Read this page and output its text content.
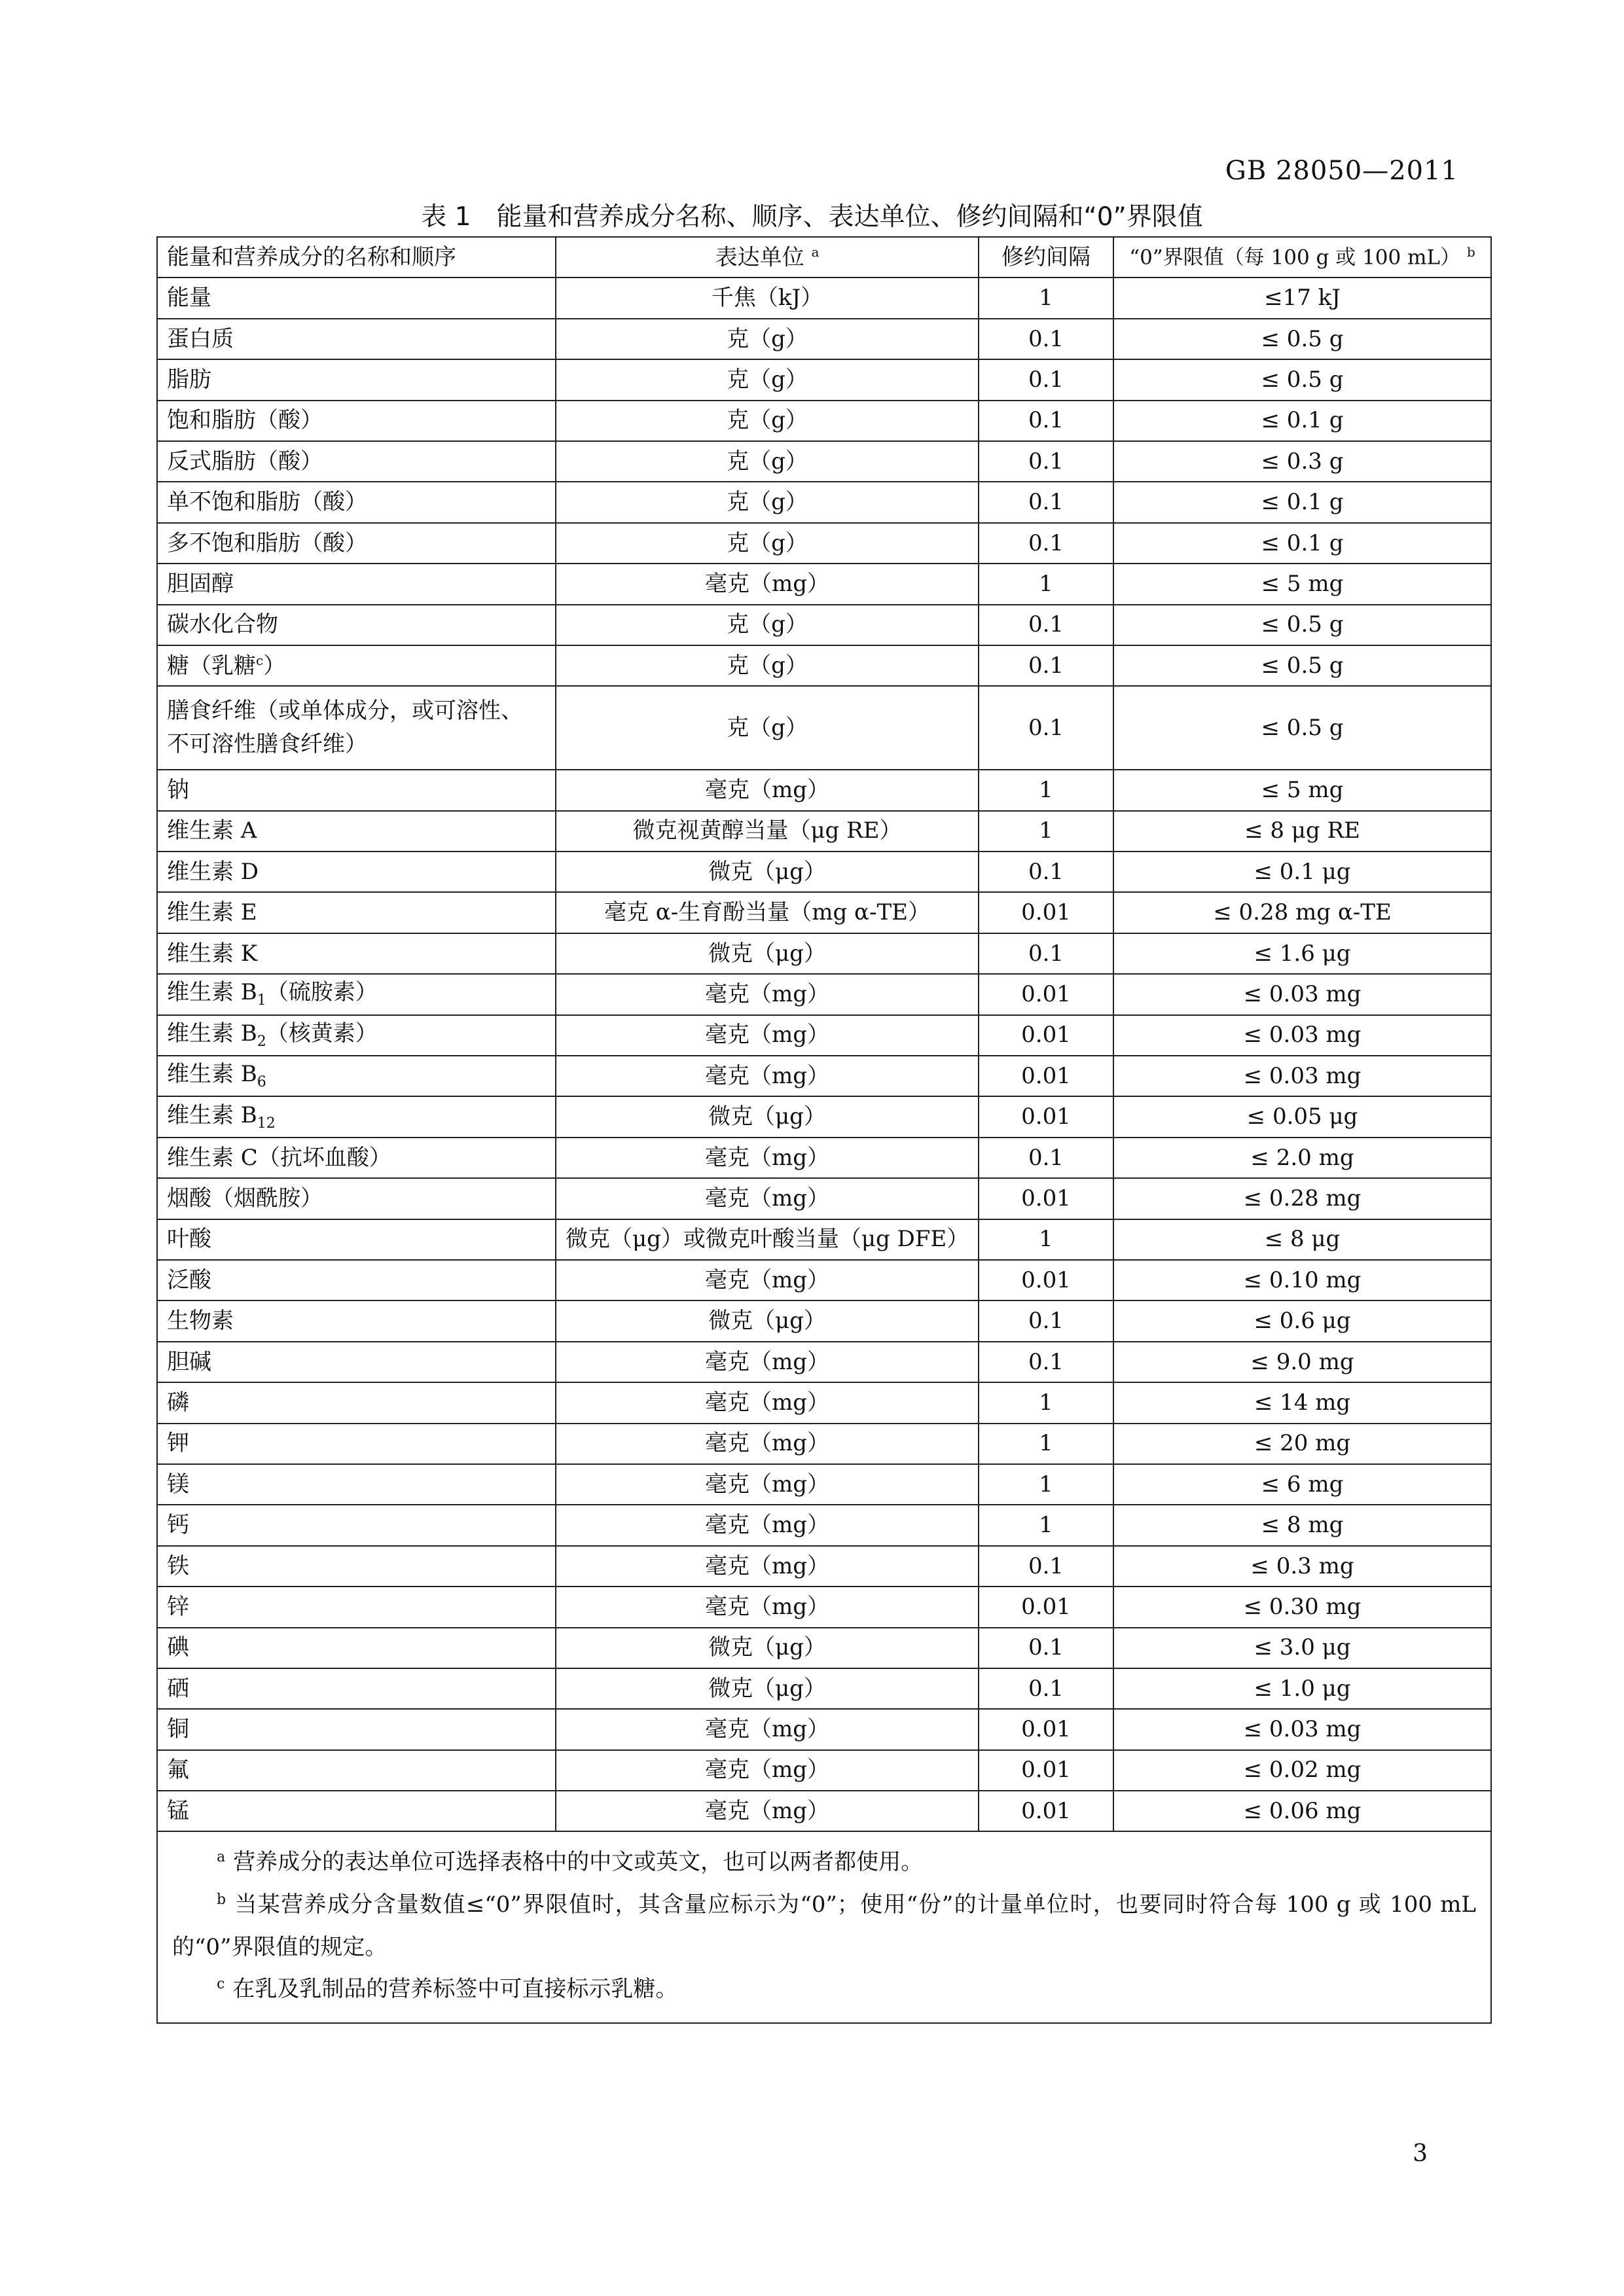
GB 28050—2011
表 1　能量和营养成分名称、顺序、表达单位、修约间隔和“0”界限值
能量和营养成分的名称和顺序	表达单位 $^a$	修约间隔	“0”界限值（每 100 g 或 100 mL） $^b$
能量	千焦（kJ）	1	≤17 kJ
蛋白质	克（g）	0.1	≤ 0.5 g
脂肪	克（g）	0.1	≤ 0.5 g
饱和脂肪（酸）	克（g）	0.1	≤ 0.1 g
反式脂肪（酸）	克（g）	0.1	≤ 0.3 g
单不饱和脂肪（酸）	克（g）	0.1	≤ 0.1 g
多不饱和脂肪（酸）	克（g）	0.1	≤ 0.1 g
胆固醇	毫克（mg）	1	≤ 5 mg
碳水化合物	克（g）	0.1	≤ 0.5 g
糖（乳糖$^c$）	克（g）	0.1	≤ 0.5 g
膳食纤维（或单体成分，或可溶性、
不可溶性膳食纤维）	克（g）	0.1	≤ 0.5 g
钠	毫克（mg）	1	≤ 5 mg
维生素 A	微克视黄醇当量（μg RE）	1	≤ 8 μg RE
维生素 D	微克（μg）	0.1	≤ 0.1 μg
维生素 E	毫克 α-生育酚当量（mg α-TE）	0.01	≤ 0.28 mg α-TE
维生素 K	微克（μg）	0.1	≤ 1.6 μg
维生素 $B_1$（硫胺素）	毫克（mg）	0.01	≤ 0.03 mg
维生素 $B_2$（核黄素）	毫克（mg）	0.01	≤ 0.03 mg
维生素 $B_6$	毫克（mg）	0.01	≤ 0.03 mg
维生素 $B_{12}$	微克（μg）	0.01	≤ 0.05 μg
维生素 C（抗坏血酸）	毫克（mg）	0.1	≤ 2.0 mg
烟酸（烟酰胺）	毫克（mg）	0.01	≤ 0.28 mg
叶酸	微克（μg）或微克叶酸当量（μg DFE）	1	≤ 8 μg
泛酸	毫克（mg）	0.01	≤ 0.10 mg
生物素	微克（μg）	0.1	≤ 0.6 μg
胆碱	毫克（mg）	0.1	≤ 9.0 mg
磷	毫克（mg）	1	≤ 14 mg
钾	毫克（mg）	1	≤ 20 mg
镁	毫克（mg）	1	≤ 6 mg
钙	毫克（mg）	1	≤ 8 mg
铁	毫克（mg）	0.1	≤ 0.3 mg
锌	毫克（mg）	0.01	≤ 0.30 mg
碘	微克（μg）	0.1	≤ 3.0 μg
硒	微克（μg）	0.1	≤ 1.0 μg
铜	毫克（mg）	0.01	≤ 0.03 mg
氟	毫克（mg）	0.01	≤ 0.02 mg
锰	毫克（mg）	0.01	≤ 0.06 mg

$^a$ 营养成分的表达单位可选择表格中的中文或英文，也可以两者都使用。

$^b$ 当某营养成分含量数值≤“0”界限值时，其含量应标示为“0”；使用“份”的计量单位时，也要同时符合每 100 g 或 100 mL 的“0”界限值的规定。

$^c$ 在乳及乳制品的营养标签中可直接标示乳糖。			

3
